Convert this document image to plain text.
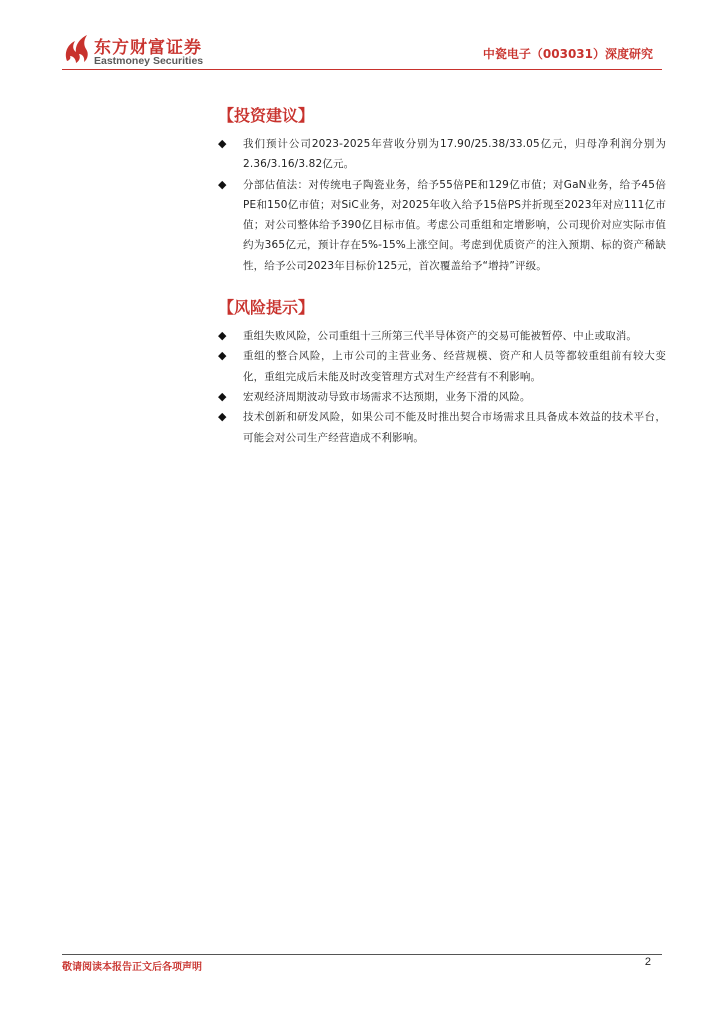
东方财富证券
Eastmoney Securities	中瓷电子（003031）深度研究
【投资建议】
◆ 我们预计公司2023-2025年营收分别为17.90/25.38/33.05亿元，归母净利润分别为2.36/3.16/3.82亿元。
◆ 分部估值法：对传统电子陶瓷业务，给予55倍PE和129亿市值；对GaN业务，给予45倍PE和150亿市值；对SiC业务，对2025年收入给予15倍PS并折现至2023年对应111亿市值；对公司整体给予390亿目标市值。考虑公司重组和定增影响，公司现价对应实际市值约为365亿元，预计存在5%-15%上涨空间。考虑到优质资产的注入预期、标的资产稀缺性，给予公司2023年目标价125元，首次覆盖给予“增持”评级。
【风险提示】
◆ 重组失败风险，公司重组十三所第三代半导体资产的交易可能被暂停、中止或取消。
◆ 重组的整合风险，上市公司的主营业务、经营规模、资产和人员等都较重组前有较大变化，重组完成后未能及时改变管理方式对生产经营有不利影响。
◆ 宏观经济周期波动导致市场需求不达预期，业务下滑的风险。
◆ 技术创新和研发风险，如果公司不能及时推出契合市场需求且具备成本效益的技术平台，可能会对公司生产经营造成不利影响。
敬请阅读本报告正文后各项声明	2
